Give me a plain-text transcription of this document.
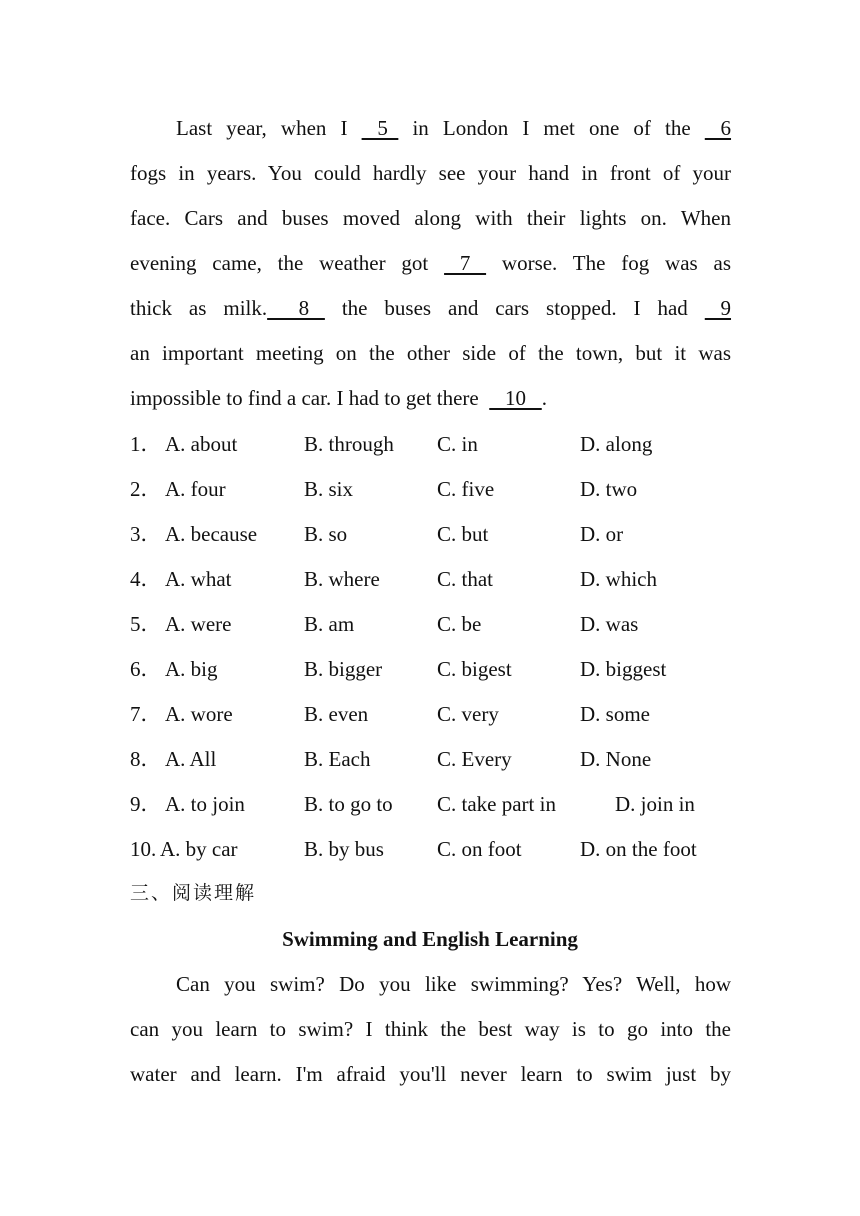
Last year, when I    5   in London I met one of the    6
fogs in years. You could hardly see your hand in front of your
face. Cars and buses moved along with their lights on. When
evening came, the weather got    7    worse. The fog was as
thick as milk.      8    the buses and cars stopped. I had    9
an important meeting on the other side of the town, but it was
impossible to find a car. I had to get there     10   .
1． A. about	B. through C. in	D. along
2． A. four	B. six	C. five	D. two
3． A. because B. so	C. but	D. or
4． A. what	B. where	C. that	D. which
5． A. were	B. am	C. be	D. was
6． A. big	B. bigger	C. bigest	D. biggest
7． A. wore	B. even	C. very	D. some
8． A. All	B. Each	C. Every	D. None
9． A. to join	B. to go to C. take part in	D. join in
10. A. by car	B. by bus	C. on foot	D. on the foot
三、阅读理解
Swimming and English Learning
Can you swim? Do you like swimming? Yes? Well, how
can you learn to swim? I think the best way is to go into the
water and learn. I'm afraid you'll never learn to swim just by
